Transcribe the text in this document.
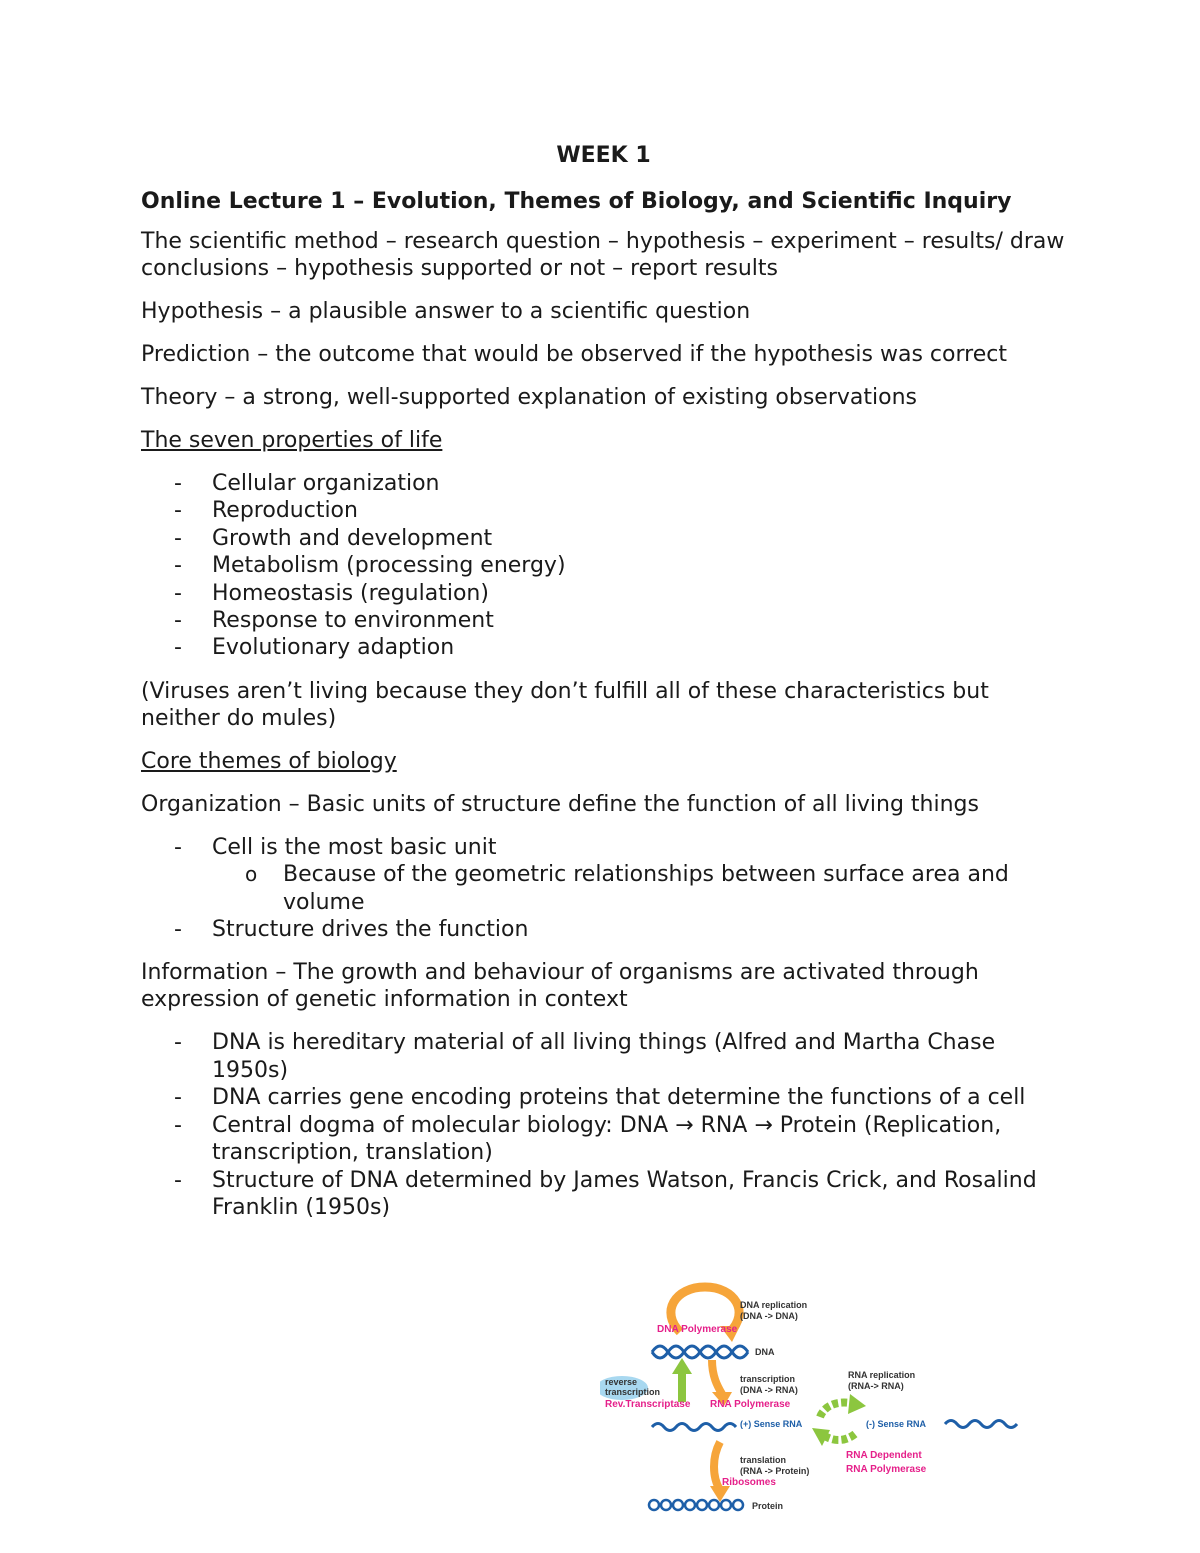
WEEK 1
Online Lecture 1 – Evolution, Themes of Biology, and Scientific Inquiry

The scientific method – research question – hypothesis – experiment – results/ draw conclusions – hypothesis supported or not – report results

Hypothesis – a plausible answer to a scientific question

Prediction – the outcome that would be observed if the hypothesis was correct

Theory – a strong, well-supported explanation of existing observations

The seven properties of life
- Cellular organization
- Reproduction
- Growth and development
- Metabolism (processing energy)
- Homeostasis (regulation)
- Response to environment
- Evolutionary adaption

(Viruses aren’t living because they don’t fulfill all of these characteristics but neither do mules)

Core themes of biology

Organization – Basic units of structure define the function of all living things

- Cell is the most basic unit
o Because of the geometric relationships between surface area and volume
- Structure drives the function

Information – The growth and behaviour of organisms are activated through expression of genetic information in context

- DNA is hereditary material of all living things (Alfred and Martha Chase 1950s)
- DNA carries gene encoding proteins that determine the functions of a cell
- Central dogma of molecular biology: DNA → RNA → Protein (Replication, transcription, translation)
- Structure of DNA determined by James Watson, Francis Crick, and Rosalind Franklin (1950s)
DNA replication
(DNA -> DNA)
DNA Polymerase
DNA
reverse
transcription
Rev.Transcriptase
transcription
(DNA -> RNA)
RNA Polymerase
(+) Sense RNA
RNA replication
(RNA-> RNA)
(-) Sense RNA
RNA Dependent
RNA Polymerase
translation
(RNA -> Protein)
Ribosomes
Protein
